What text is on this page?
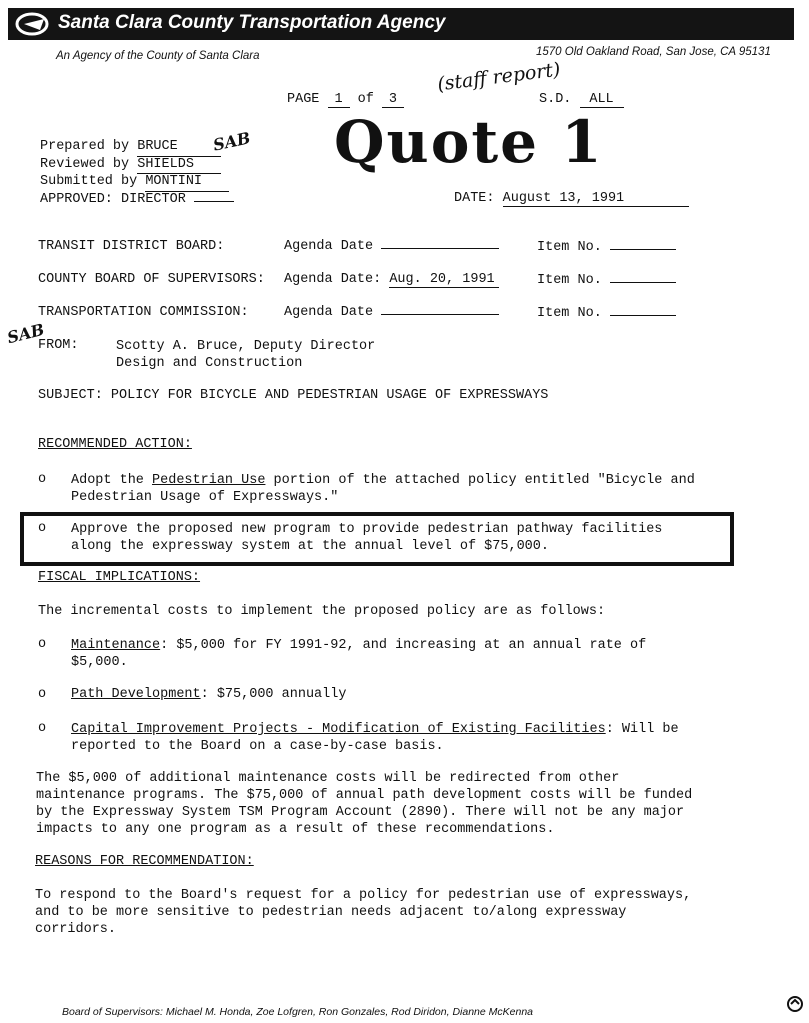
Santa Clara County Transportation Agency
An Agency of the County of Santa Clara	1570 Old Oakland Road, San Jose, CA 95131
PAGE 1 of 3
(staff report)
S.D. ALL
Prepared by BRUCE
Reviewed by SHIELDS
Submitted by MONTINI
APPROVED: DIRECTOR
SAB
SAB
Quote 1
DATE: August 13, 1991
TRANSIT DISTRICT BOARD:	Agenda Date	Item No.
COUNTY BOARD OF SUPERVISORS: Agenda Date: Aug. 20, 1991	Item No.
TRANSPORTATION COMMISSION:	Agenda Date	Item No.
FROM:	Scotty A. Bruce, Deputy Director
Design and Construction
SUBJECT: POLICY FOR BICYCLE AND PEDESTRIAN USAGE OF EXPRESSWAYS
RECOMMENDED ACTION:
o Adopt the Pedestrian Use portion of the attached policy entitled "Bicycle and Pedestrian Usage of Expressways."
o Approve the proposed new program to provide pedestrian pathway facilities along the expressway system at the annual level of $75,000.
FISCAL IMPLICATIONS:
The incremental costs to implement the proposed policy are as follows:
o Maintenance: $5,000 for FY 1991-92, and increasing at an annual rate of $5,000.
o Path Development: $75,000 annually
o Capital Improvement Projects - Modification of Existing Facilities: Will be reported to the Board on a case-by-case basis.
The $5,000 of additional maintenance costs will be redirected from other maintenance programs. The $75,000 of annual path development costs will be funded by the Expressway System TSM Program Account (2890). There will not be any major impacts to any one program as a result of these recommendations.
REASONS FOR RECOMMENDATION:
To respond to the Board's request for a policy for pedestrian use of expressways, and to be more sensitive to pedestrian needs adjacent to/along expressway corridors.
Board of Supervisors: Michael M. Honda, Zoe Lofgren, Ron Gonzales, Rod Diridon, Dianne McKenna
